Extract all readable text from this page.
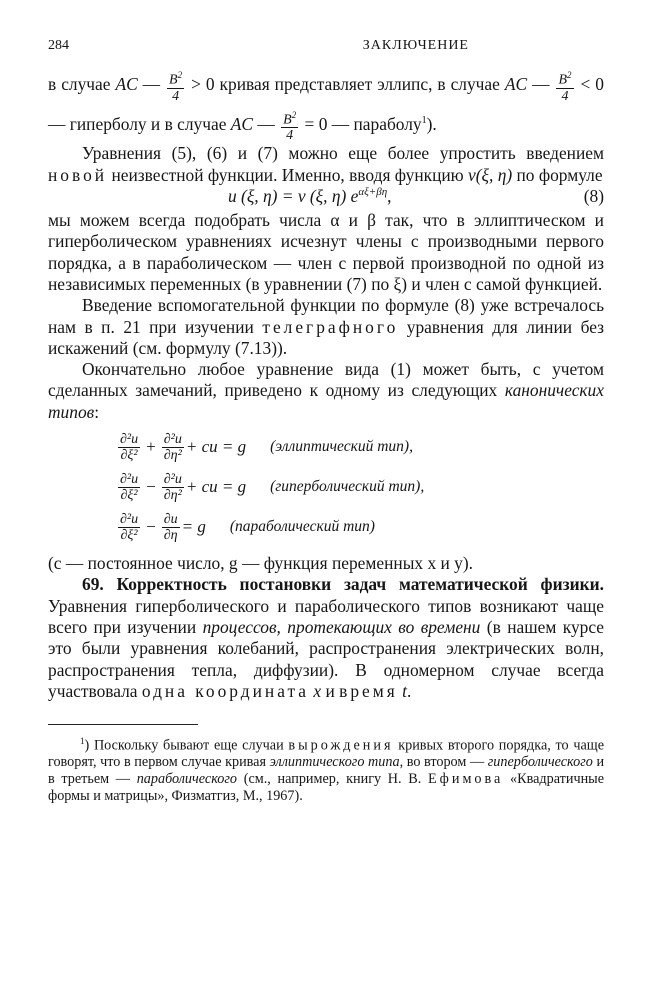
284	ЗАКЛЮЧЕНИЕ

в случае AC — $\frac{B^2}{4} > 0$ кривая представляет эллипс, в случае AC — $\frac{B^2}{4} < 0$ — гиперболу и в случае AC — $\frac{B^2}{4} = 0$ — параболу$^1$).

Уравнения (5), (6) и (7) можно еще более упростить введением новой неизвестной функции. Именно, вводя функцию v(ξ, η) по формуле

u (ξ, η) = v (ξ, η) $e^{\alpha\xi+\beta\eta}$,	(8)

мы можем всегда подобрать числа α и β так, что в эллиптическом и гиперболическом уравнениях исчезнут члены с производными первого порядка, а в параболическом — член с первой производной по одной из независимых переменных (в уравнении (7) по ξ) и член с самой функцией.

Введение вспомогательной функции по формуле (8) уже встречалось нам в п. 21 при изучении телеграфного уравнения для линии без искажений (см. формулу (7.13)).

Окончательно любое уравнение вида (1) может быть, с учетом сделанных замечаний, приведено к одному из следующих канонических типов:

$\frac{\text{∂²u}}{\text{∂ξ²}} + \frac{\text{∂²u}}{\text{∂η²}}$ + cu = g (эллиптический тип),
$\frac{\text{∂²u}}{\text{∂ξ²}} - \frac{\text{∂²u}}{\text{∂η²}}$ + cu = g (гиперболический тип),
$\frac{\text{∂²u}}{\text{∂ξ²}} - \frac{\partial u}{\partial\eta} = g$ (параболический тип)

(c — постоянное число, g — функция переменных x и y).

69. Корректность постановки задач математической физики. Уравнения гиперболического и параболического типов возникают чаще всего при изучении процессов, протекающих во времени (в нашем курсе это были уравнения колебаний, распространения электрических волн, распространения тепла, диффузии). В одномерном случае всегда участвовала одна координата x и время t.

$^1$) Поскольку бывают еще случаи вырождения кривых второго порядка, то чаще говорят, что в первом случае кривая эллиптического типа, во втором — гиперболического и в третьем — параболического (см., например, книгу Н. В. Ефимова «Квадратичные формы и матрицы», Физматгиз, М., 1967).
